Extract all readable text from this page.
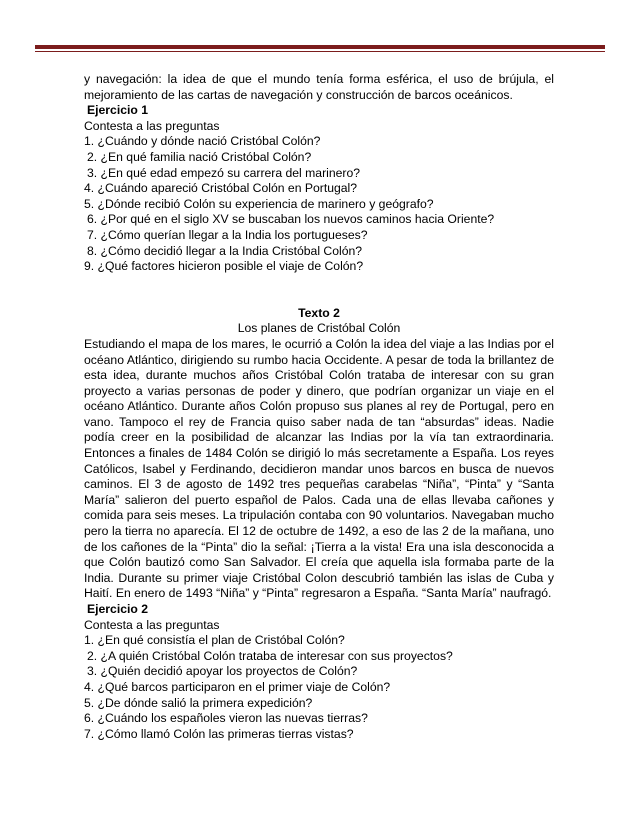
y navegación: la idea de que el mundo tenía forma esférica, el uso de brújula, el mejoramiento de las cartas de navegación y construcción de barcos oceánicos.

Ejercicio 1

Contesta a las preguntas

1. ¿Cuándo y dónde nació Cristóbal Colón?

2. ¿En qué familia nació Cristóbal Colón?

3. ¿En qué edad empezó su carrera del marinero?

4. ¿Cuándo apareció Cristóbal Colón en Portugal?

5. ¿Dónde recibió Colón su experiencia de marinero y geógrafo?

6. ¿Por qué en el siglo XV se buscaban los nuevos caminos hacia Oriente?

7. ¿Cómo querían llegar a la India los portugueses?

8. ¿Cómo decidió llegar a la India Cristóbal Colón?

9. ¿Qué factores hicieron posible el viaje de Colón?

Texto 2

Los planes de Cristóbal Colón

Estudiando el mapa de los mares, le ocurrió a Colón la idea del viaje a las Indias por el océano Atlántico, dirigiendo su rumbo hacia Occidente. A pesar de toda la brillantez de esta idea, durante muchos años Cristóbal Colón trataba de interesar con su gran proyecto a varias personas de poder y dinero, que podrían organizar un viaje en el océano Atlántico. Durante años Colón propuso sus planes al rey de Portugal, pero en vano. Tampoco el rey de Francia quiso saber nada de tan “absurdas” ideas. Nadie podía creer en la posibilidad de alcanzar las Indias por la vía tan extraordinaria. Entonces a finales de 1484 Colón se dirigió lo más secretamente a España. Los reyes Católicos, Isabel y Ferdinando, decidieron mandar unos barcos en busca de nuevos caminos. El 3 de agosto de 1492 tres pequeñas carabelas “Niña”, “Pinta” y “Santa María” salieron del puerto español de Palos. Cada una de ellas llevaba cañones y comida para seis meses. La tripulación contaba con 90 voluntarios. Navegaban mucho pero la tierra no aparecía. El 12 de octubre de 1492, a eso de las 2 de la mañana, uno de los cañones de la “Pinta” dio la señal: ¡Tierra a la vista! Era una isla desconocida a que Colón bautizó como San Salvador. El creía que aquella isla formaba parte de la India. Durante su primer viaje Cristóbal Colon descubrió también las islas de Cuba y Haití. En enero de 1493 “Niña” y “Pinta” regresaron a España. “Santa María” naufragó.

Ejercicio 2

Contesta a las preguntas

1. ¿En qué consistía el plan de Cristóbal Colón?

2. ¿A quién Cristóbal Colón trataba de interesar con sus proyectos?

3. ¿Quién decidió apoyar los proyectos de Colón?

4. ¿Qué barcos participaron en el primer viaje de Colón?

5. ¿De dónde salió la primera expedición?

6. ¿Cuándo los españoles vieron las nuevas tierras?

7. ¿Cómo llamó Colón las primeras tierras vistas?
